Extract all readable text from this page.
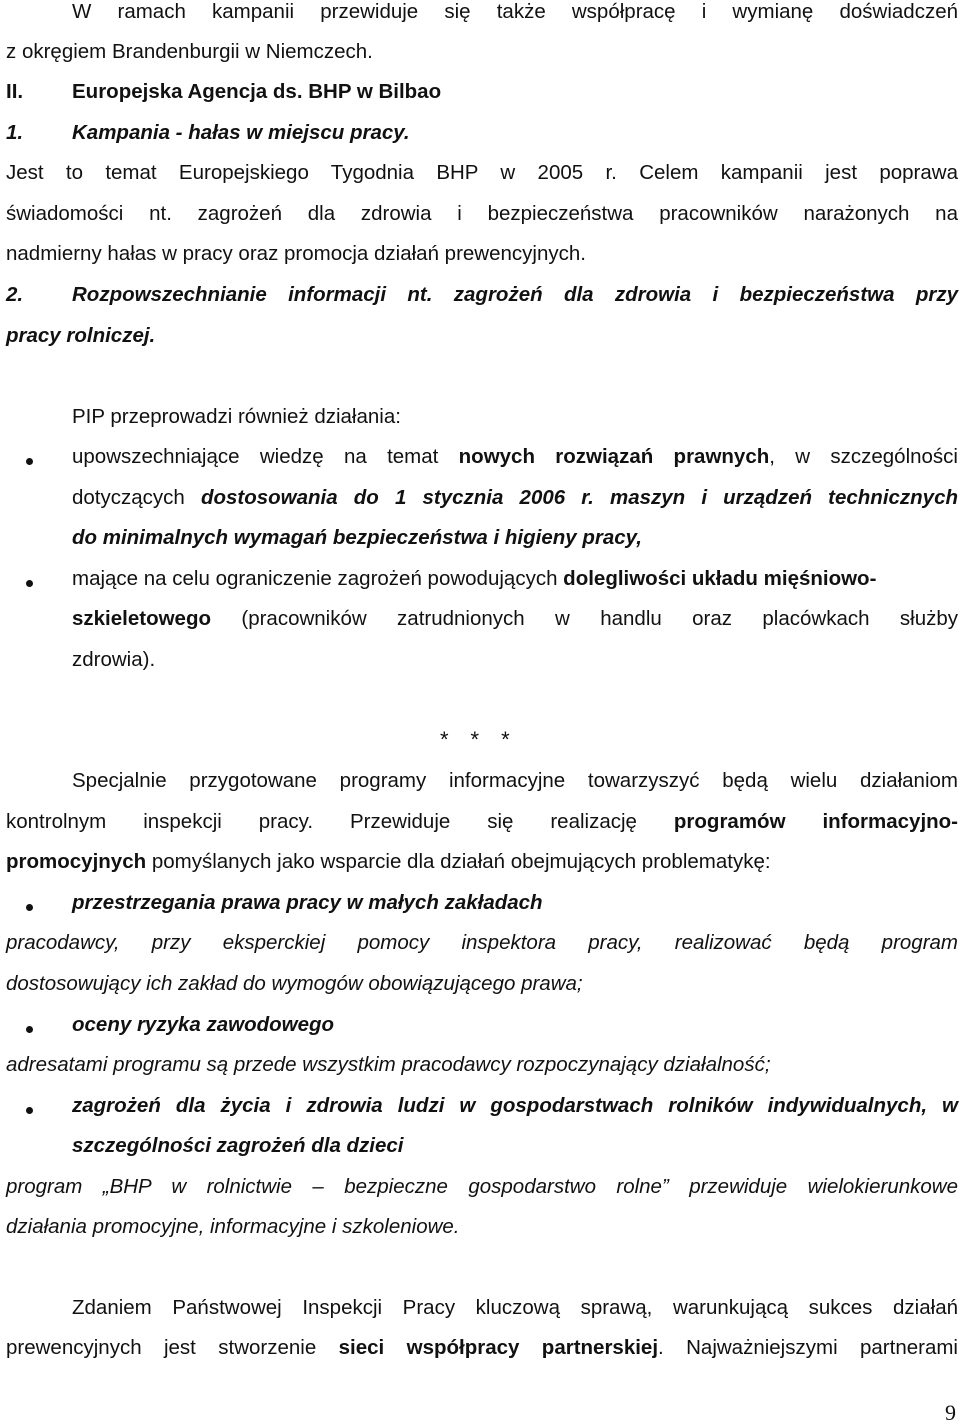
W ramach kampanii przewiduje się także współpracę i wymianę doświadczeń
z okręgiem Brandenburgii w Niemczech.
II. Europejska Agencja ds. BHP w Bilbao
1. Kampania - hałas w miejscu pracy.
Jest to temat Europejskiego Tygodnia BHP w 2005 r. Celem kampanii jest poprawa
świadomości nt. zagrożeń dla zdrowia i bezpieczeństwa pracowników narażonych na
nadmierny hałas w pracy oraz promocja działań prewencyjnych.
2. Rozpowszechnianie informacji nt. zagrożeń dla zdrowia i bezpieczeństwa przy
pracy rolniczej.
PIP przeprowadzi również działania:
upowszechniające wiedzę na temat nowych rozwiązań prawnych, w szczególności
dotyczących dostosowania do 1 stycznia 2006 r. maszyn i urządzeń technicznych
do minimalnych wymagań bezpieczeństwa i higieny pracy,
mające na celu ograniczenie zagrożeń powodujących dolegliwości układu mięśniowo-
szkieletowego (pracowników zatrudnionych w handlu oraz placówkach służby
zdrowia).
***
Specjalnie przygotowane programy informacyjne towarzyszyć będą wielu działaniom
kontrolnym inspekcji pracy. Przewiduje się realizację programów informacyjno-
promocyjnych pomyślanych jako wsparcie dla działań obejmujących problematykę:
przestrzegania prawa pracy w małych zakładach
pracodawcy, przy eksperckiej pomocy inspektora pracy, realizować będą program
dostosowujący ich zakład do wymogów obowiązującego prawa;
oceny ryzyka zawodowego
adresatami programu są przede wszystkim pracodawcy rozpoczynający działalność;
zagrożeń dla życia i zdrowia ludzi w gospodarstwach rolników indywidualnych, w
szczególności zagrożeń dla dzieci
program „BHP w rolnictwie – bezpieczne gospodarstwo rolne” przewiduje wielokierunkowe
działania promocyjne, informacyjne i szkoleniowe.
Zdaniem Państwowej Inspekcji Pracy kluczową sprawą, warunkującą sukces działań
prewencyjnych jest stworzenie sieci współpracy partnerskiej. Najważniejszymi partnerami
9
